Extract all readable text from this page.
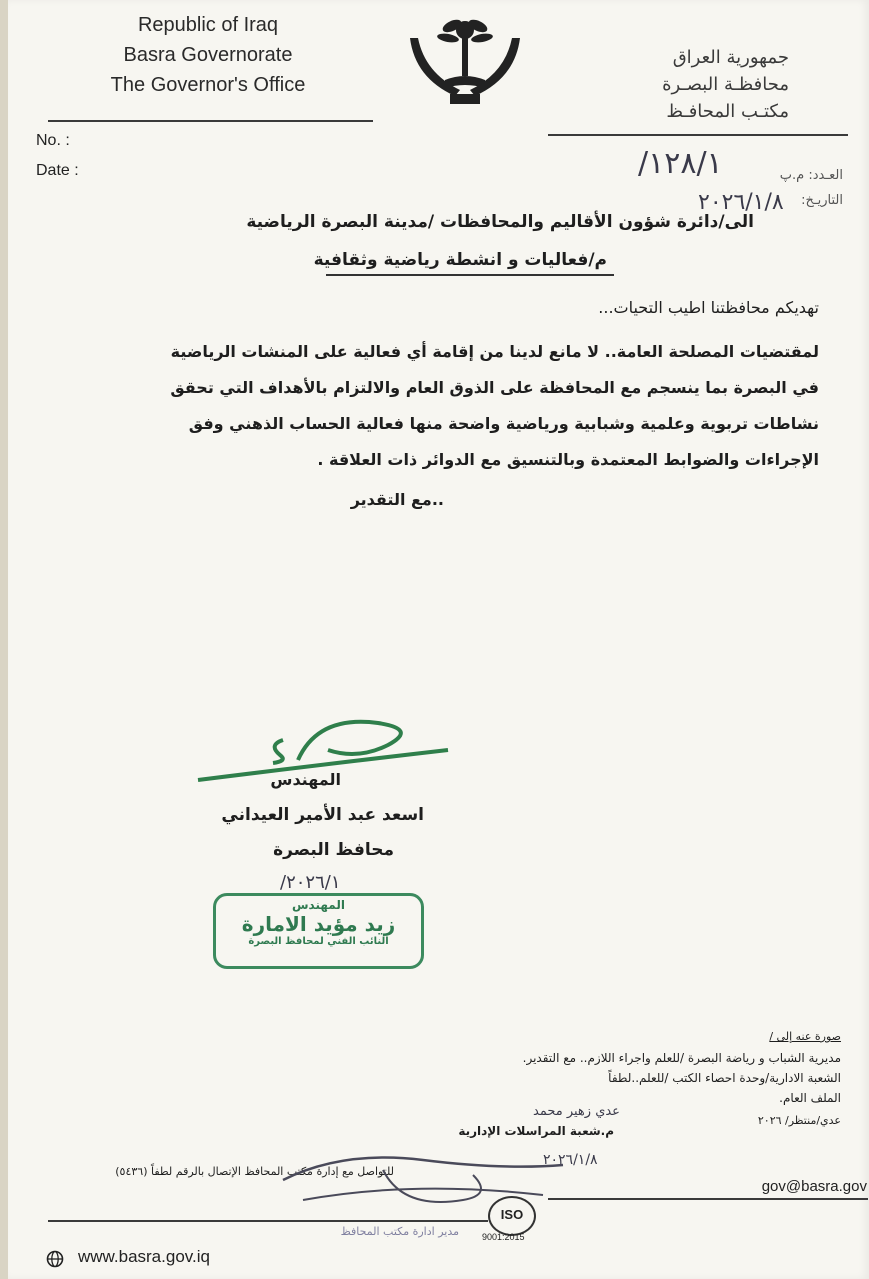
Republic of Iraq
Basra Governorate
The Governor's Office
جمهورية العراق
محافظـة البصـرة
مكتـب المحافـظ
No. :
Date :	العـدد: م.پ
١٢٨/١/
التاريـخ:
٢٠٢٦/١/٨
الى/دائرة شؤون الأقاليم والمحافظات /مدينة البصرة الرياضية
م/فعاليات و انشطة رياضية وثقافية
تهديكم محافظتنا اطيب التحيات...
لمقتضيات المصلحة العامة.. لا مانع لدينا من إقامة أي فعالية على المنشات الرياضية
في البصرة بما ينسجم مع المحافظة على الذوق العام والالتزام بالأهداف التي تحقق
نشاطات تربوية وعلمية وشبابية ورياضية واضحة منها فعالية الحساب الذهني وفق
الإجراءات والضوابط المعتمدة وبالتنسيق مع الدوائر ذات العلاقة .
..مع التقدير
المهندس
اسعد عبد الأمير العيداني
محافظ البصرة
٢٠٢٦/١/
المهندس
زيد مؤيد الامارة
النائب الفني لمحافظ البصرة
صورة عنه إلى /
مديرية الشباب و رياضة البصرة /للعلم واجراء اللازم.. مع التقدير.
الشعبة الادارية/وحدة احصاء الكتب /للعلم..لطفاً
الملف العام.
عدي/منتظر/ ٢٠٢٦
عدي زهير محمد
م.شعبة المراسلات الإدارية
٢٠٢٦/١/٨
للتواصل مع إدارة مكتب المحافظ الإتصال بالرقم لطفاً (٥٤٣٦)
مدير ادارة مكتب المحافظ
gov@basra.gov
ISO
9001:2015
www.basra.gov.iq
